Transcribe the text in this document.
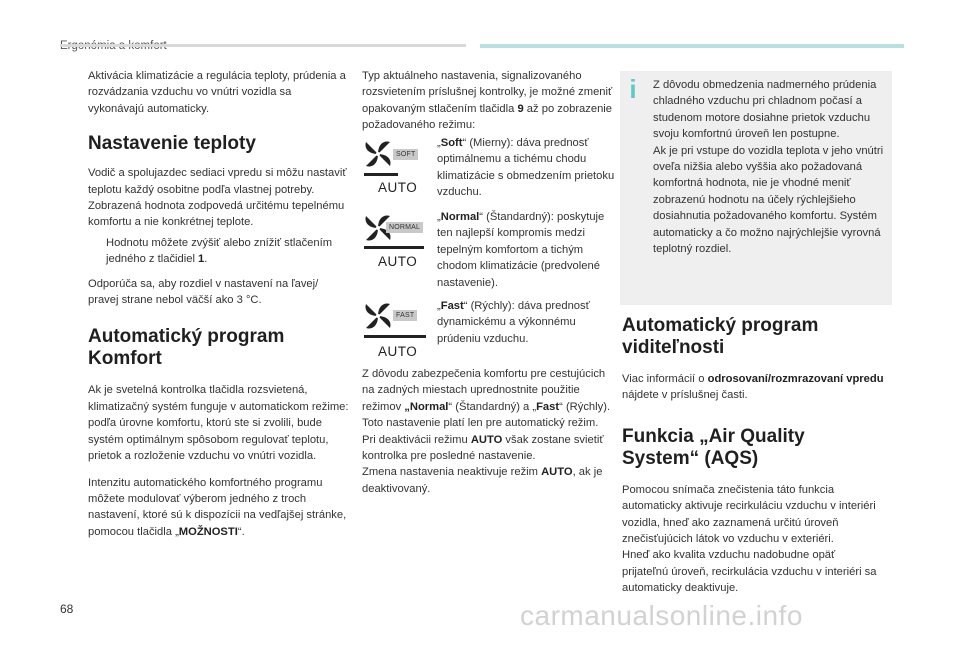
Aktivácia klimatizácie a regulácia teploty, prúdenia a rozvádzania vzduchu vo vnútri vozidla sa vykonávajú automaticky.

Nastavenie teploty

Vodič a spolujazdec sediaci vpredu si môžu nastaviť teplotu každý osobitne podľa vlastnej potreby.
Zobrazená hodnota zodpovedá určitému tepelnému komfortu a nie konkrétnej teplote.

Hodnotu môžete zvýšiť alebo znížiť stlačením jedného z tlačidiel 1.

Odporúča sa, aby rozdiel v nastavení na ľavej/ pravej strane nebol väčší ako 3 °C.

Automatický program
Komfort

Ak je svetelná kontrolka tlačidla rozsvietená, klimatizačný systém funguje v automatickom režime: podľa úrovne komfortu, ktorú ste si zvolili, bude systém optimálnym spôsobom regulovať teplotu, prietok a rozloženie vzduchu vo vnútri vozidla.

Intenzitu automatického komfortného programu môžete modulovať výberom jedného z troch nastavení, ktoré sú k dispozícii na vedľajšej stránke, pomocou tlačidla „MOŽNOSTI“.

Typ aktuálneho nastavenia, signalizovaného rozsvietením príslušnej kontrolky, je možné zmeniť opakovaným stlačením tlačidla 9 až po zobrazenie požadovaného režimu:

SOFT
AUTO
NORMAL
AUTO
FAST
AUTO
„Soft“ (Mierny): dáva prednosť optimálnemu a tichému chodu klimatizácie s obmedzením prietoku vzduchu.
„Normal“ (Štandardný): poskytuje ten najlepší kompromis medzi tepelným komfortom a tichým chodom klimatizácie (predvolené nastavenie).
„Fast“ (Rýchly): dáva prednosť dynamickému a výkonnému prúdeniu vzduchu.

Z dôvodu zabezpečenia komfortu pre cestujúcich na zadných miestach uprednostnite použitie režimov „Normal“ (Štandardný) a „Fast“ (Rýchly).
Toto nastavenie platí len pre automatický režim.
Pri deaktivácii režimu AUTO však zostane svietiť kontrolka pre posledné nastavenie.
Zmena nastavenia neaktivuje režim AUTO, ak je deaktivovaný.

i	Z dôvodu obmedzenia nadmerného prúdenia chladného vzduchu pri chladnom počasí a studenom motore dosiahne prietok vzduchu svoju komfortnú úroveň len postupne.

Ak je pri vstupe do vozidla teplota v jeho vnútri oveľa nižšia alebo vyššia ako požadovaná komfortná hodnota, nie je vhodné meniť zobrazenú hodnotu na účely rýchlejšieho dosiahnutia požadovaného komfortu. Systém automaticky a čo možno najrýchlejšie vyrovná teplotný rozdiel.

Automatický program
viditeľnosti

Viac informácií o odrosovaní/rozmrazovaní vpredu nájdete v príslušnej časti.

Funkcia „Air Quality
System“ (AQS)

Pomocou snímača znečistenia táto funkcia automaticky aktivuje recirkuláciu vzduchu v interiéri vozidla, hneď ako zaznamená určitú úroveň znečisťujúcich látok vo vzduchu v exteriéri.
Hneď ako kvalita vzduchu nadobudne opäť prijateľnú úroveň, recirkulácia vzduchu v interiéri sa automaticky deaktivuje.

68	carmanualsonline.info
